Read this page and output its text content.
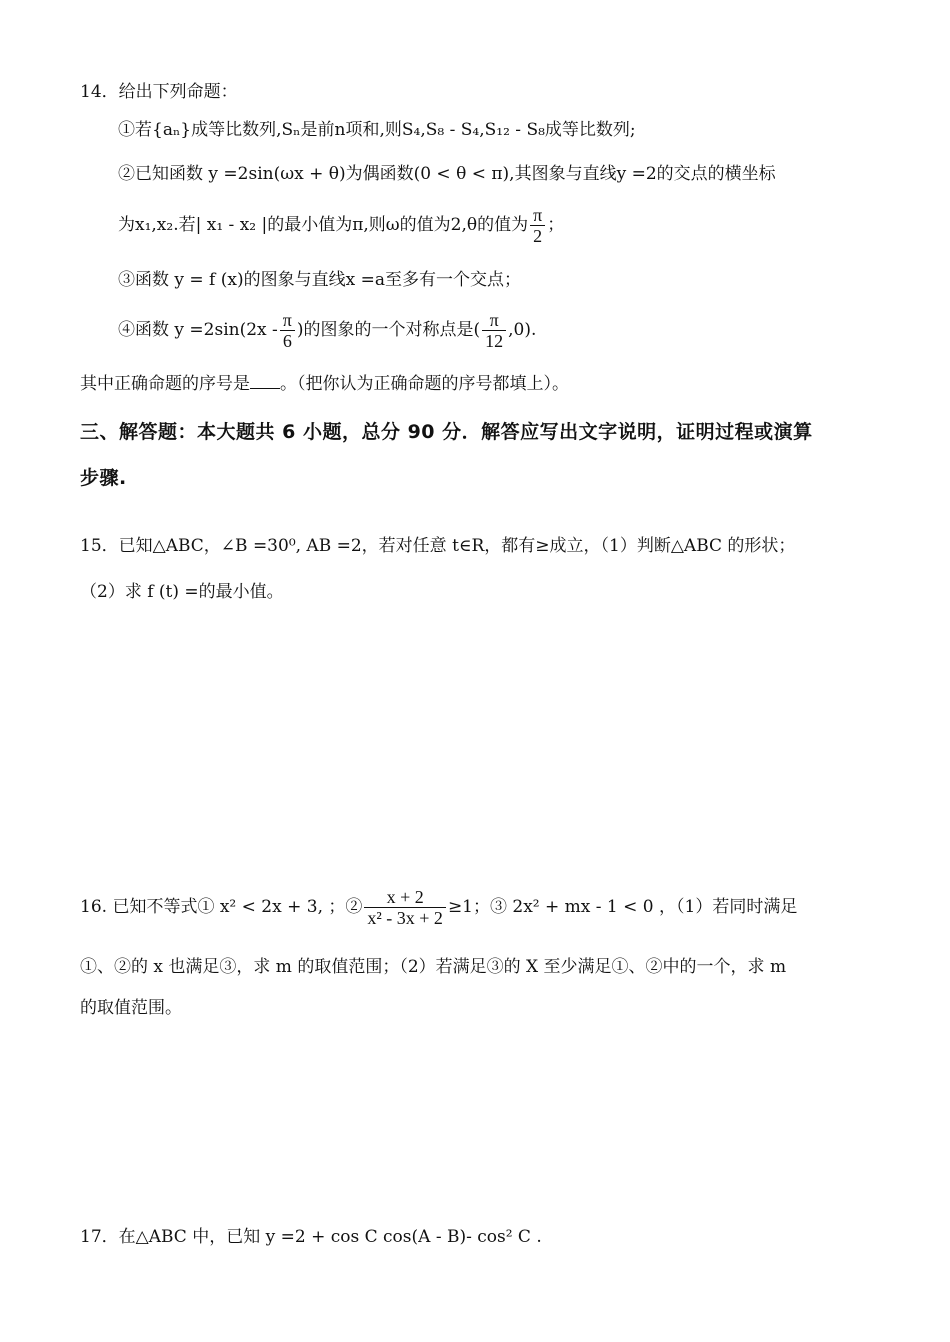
14．给出下列命题：
①若{aₙ}成等比数列,Sₙ是前n项和,则S₄,S₈ - S₄,S₁₂ - S₈成等比数列;
②已知函数 y =2sin(ωx + θ)为偶函数(0 < θ < π),其图象与直线y =2的交点的横坐标
为x₁,x₂.若| x₁ - x₂ |的最小值为π,则ω的值为2,θ的值为 $\frac{\pi}{2}$ ；
③函数 y = f (x)的图象与直线x =a至多有一个交点；
④函数 $y =2\sin(2x - \frac{\pi}{6}$ )的图象的一个对称点是( $\frac{\pi}{12} ,0$).
其中正确命题的序号是 。（把你认为正确命题的序号都填上）。
三、解答题：本大题共 6 小题，总分 90 分．解答应写出文字说明，证明过程或演算
步骤.
15．已知△ABC，∠B =30⁰, AB =2，若对任意 t∈R，都有≥成立，（1）判断△ABC 的形状；
（2）求 f (t) =的最小值。
16. 已知不等式① x² < 2x + 3, ；② $\frac{x + 2}{\text{x² - 3x + 2}} \ge 1$；③ 2x² + mx - 1 < 0 ，（1）若同时满足
①、②的 x 也满足③，求 m 的取值范围；（2）若满足③的 X 至少满足①、②中的一个，求 m
的取值范围。
17．在△ABC 中，已知 y =2 + cos C cos(A - B)- cos² C .
